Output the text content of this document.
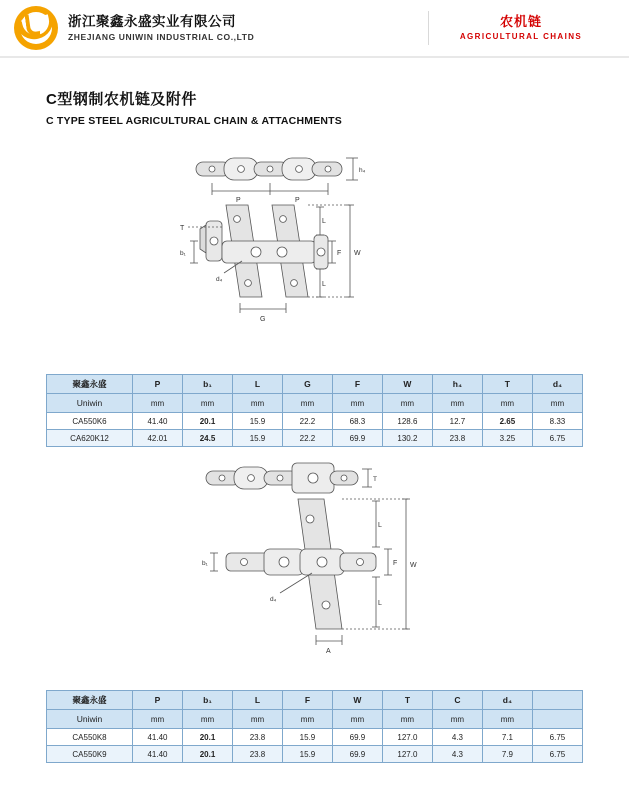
浙江聚鑫永盛实业有限公司
ZHEJIANG UNIWIN INDUSTRIAL CO.,LTD
农机链
AGRICULTURAL CHAINS
C型钢制农机链及附件
C TYPE STEEL AGRICULTURAL CHAIN & ATTACHMENTS
h₄
P	P
T
b₁	F
L
L
W
d₄
G
聚鑫永盛	P	b₁	L	G	F	W	h₄	T	d₄
Uniwin	mm	mm	mm	mm	mm	mm	mm	mm	mm
CA550K6	41.40	20.1	15.9	22.2	68.3	128.6	12.7	2.65	8.33
CA620K12	42.01	24.5	15.9	22.2	69.9	130.2	23.8	3.25	6.75
T
b₁	F
L
L
W
d₄
A
聚鑫永盛	P	b₁	L	F	W	T	C	d₄	
Uniwin	mm	mm	mm	mm	mm	mm	mm	mm	
CA550K8	41.40	20.1	23.8	15.9	69.9	127.0	4.3	7.1	6.75
CA550K9	41.40	20.1	23.8	15.9	69.9	127.0	4.3	7.9	6.75
